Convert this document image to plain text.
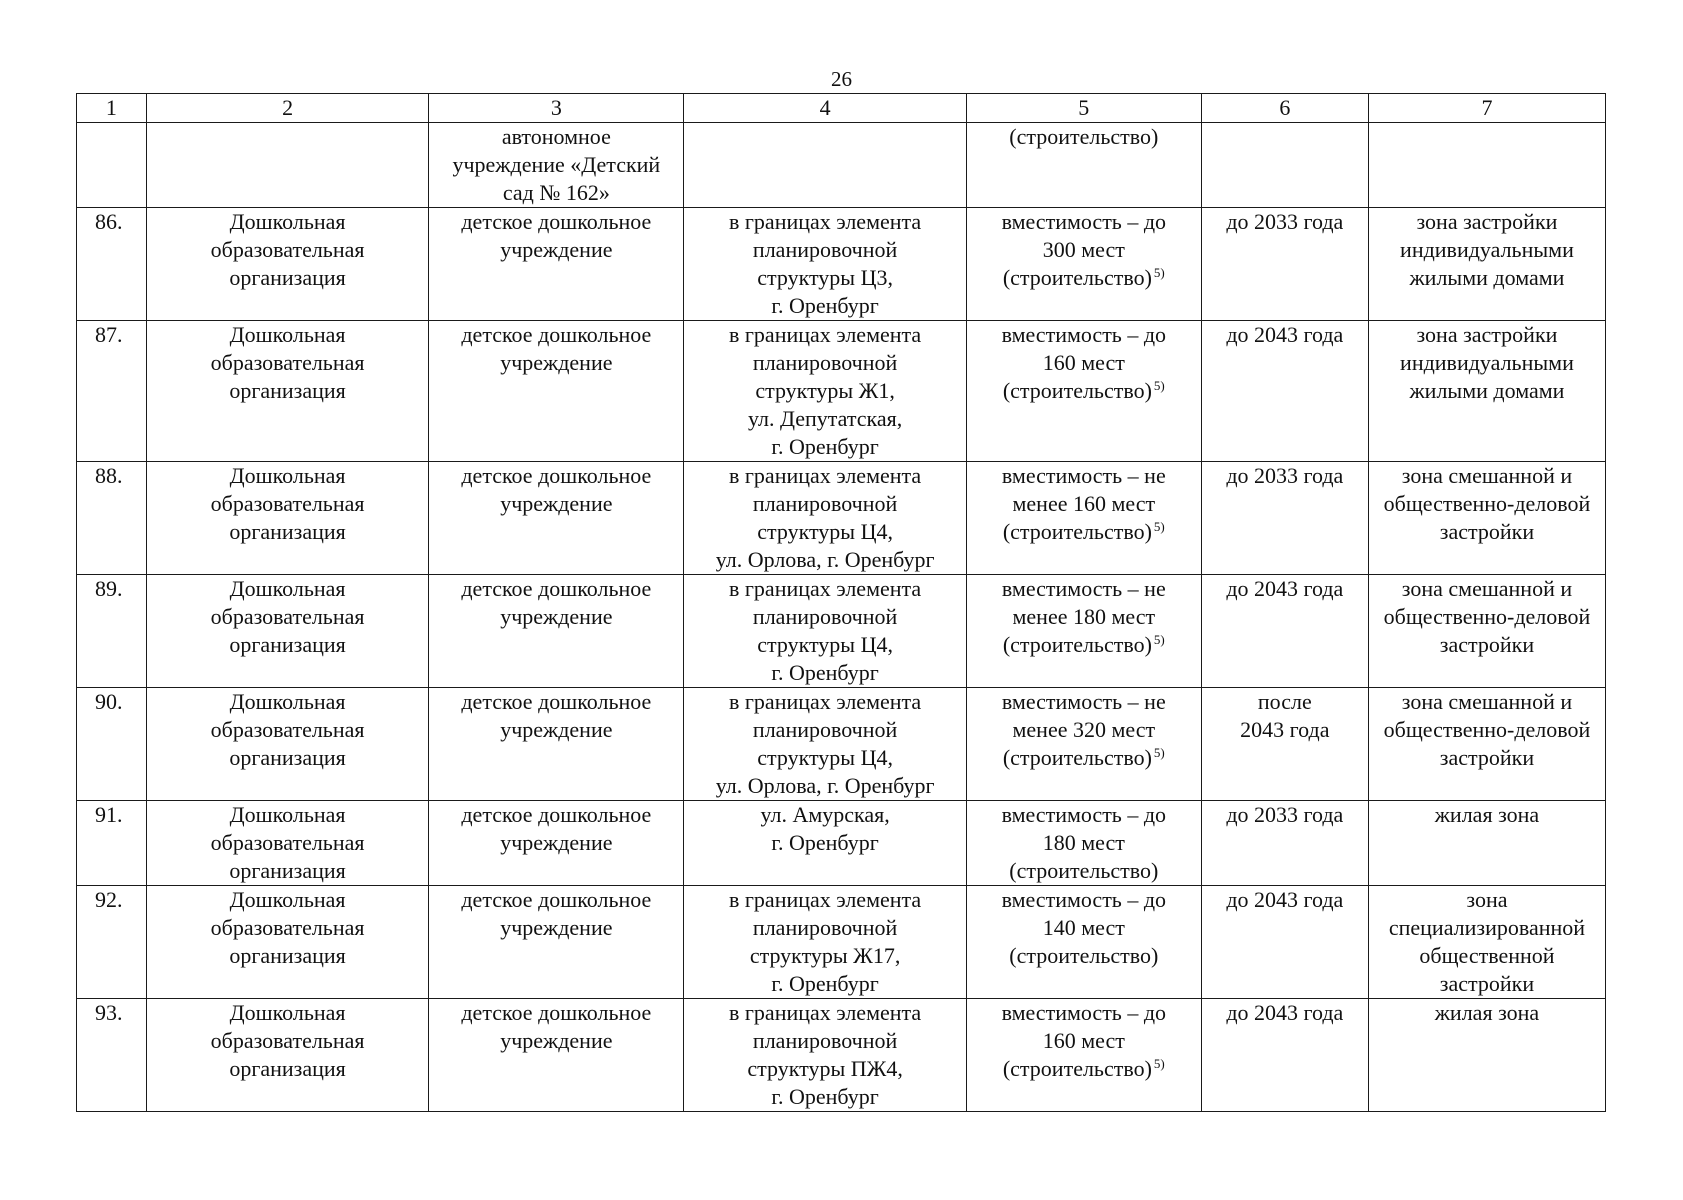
26
1	2	3	4	5	6	7
		автономное
учреждение «Детский
сад № 162»		(строительство)		
86.	Дошкольная
образовательная
организация	детское дошкольное
учреждение	в границах элемента
планировочной
структуры Ц3,
г. Оренбург	вместимость – до
300 мест
(строительство) $^{5)}$	до 2033 года	зона застройки
индивидуальными
жилыми домами
87.	Дошкольная
образовательная
организация	детское дошкольное
учреждение	в границах элемента
планировочной
структуры Ж1,
ул. Депутатская,
г. Оренбург	вместимость – до
160 мест
(строительство) $^{5)}$	до 2043 года	зона застройки
индивидуальными
жилыми домами
88.	Дошкольная
образовательная
организация	детское дошкольное
учреждение	в границах элемента
планировочной
структуры Ц4,
ул. Орлова, г. Оренбург	вместимость – не
менее 160 мест
(строительство) $^{5)}$	до 2033 года	зона смешанной и
общественно-деловой
застройки
89.	Дошкольная
образовательная
организация	детское дошкольное
учреждение	в границах элемента
планировочной
структуры Ц4,
г. Оренбург	вместимость – не
менее 180 мест
(строительство) $^{5)}$	до 2043 года	зона смешанной и
общественно-деловой
застройки
90.	Дошкольная
образовательная
организация	детское дошкольное
учреждение	в границах элемента
планировочной
структуры Ц4,
ул. Орлова, г. Оренбург	вместимость – не
менее 320 мест
(строительство) $^{5)}$	после
2043 года	зона смешанной и
общественно-деловой
застройки
91.	Дошкольная
образовательная
организация	детское дошкольное
учреждение	ул. Амурская,
г. Оренбург	вместимость – до
180 мест
(строительство)	до 2033 года	жилая зона
92.	Дошкольная
образовательная
организация	детское дошкольное
учреждение	в границах элемента
планировочной
структуры Ж17,
г. Оренбург	вместимость – до
140 мест
(строительство)	до 2043 года	зона
специализированной
общественной
застройки
93.	Дошкольная
образовательная
организация	детское дошкольное
учреждение	в границах элемента
планировочной
структуры ПЖ4,
г. Оренбург	вместимость – до
160 мест
(строительство) $^{5)}$	до 2043 года	жилая зона
